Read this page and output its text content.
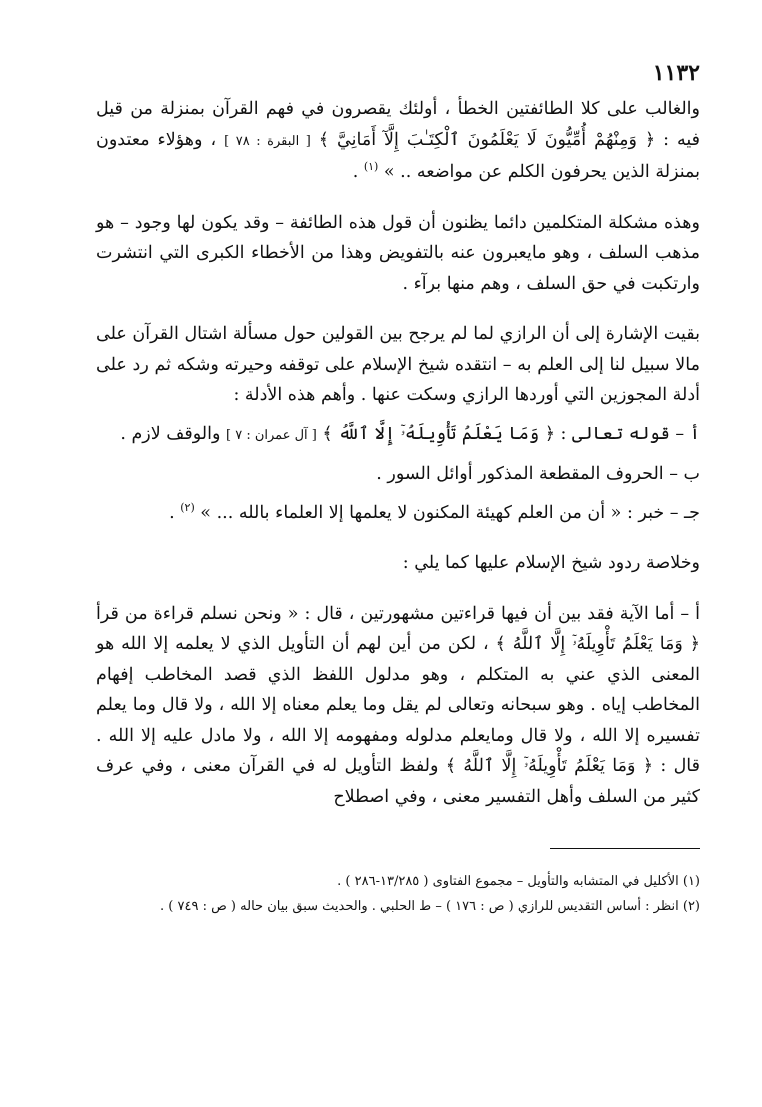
١١٣٢

والغالب على كلا الطائفتين الخطأ ، أولئك يقصرون في فهم القرآن بمنزلة من قيل فيه : ﴿ وَمِنْهُمْ أُمِّيُّونَ لَا يَعْلَمُونَ ٱلْكِتَـٰبَ إِلَّآ أَمَانِيَّ ﴾ [ البقرة : ٧٨ ] ، وهؤلاء معتدون بمنزلة الذين يحرفون الكلم عن مواضعه .. » $^{(١)}$ .

وهذه مشكلة المتكلمين دائما يظنون أن قول هذه الطائفة – وقد يكون لها وجود – هو مذهب السلف ، وهو مايعبرون عنه بالتفويض وهذا من الأخطاء الكبرى التي انتشرت وارتكبت في حق السلف ، وهم منها برآء .

بقيت الإشارة إلى أن الرازي لما لم يرجح بين القولين حول مسألة اشتال القرآن على مالا سبيل لنا إلى العلم به – انتقده شيخ الإسلام على توقفه وحيرته وشكه ثم رد على أدلة المجوزين التي أوردها الرازي وسكت عنها . وأهم هذه الأدلة :

أ – قوله تعالى : ﴿ وَمَا يَعْلَمُ تَأْوِيلَهُۥٓ إِلَّا ٱللَّهُ ﴾ [ آل عمران : ٧ ] والوقف لازم .

ب – الحروف المقطعة المذكور أوائل السور .

جـ – خبر : « أن من العلم كهيئة المكنون لا يعلمها إلا العلماء بالله ... » $^{(٢)}$ .

وخلاصة ردود شيخ الإسلام عليها كما يلي :

أ – أما الآية فقد بين أن فيها قراءتين مشهورتين ، قال : « ونحن نسلم قراءة من قرأ ﴿ وَمَا يَعْلَمُ تَأْوِيلَهُۥٓ إِلَّا ٱللَّهُ ﴾ ، لكن من أين لهم أن التأويل الذي لا يعلمه إلا الله هو المعنى الذي عني به المتكلم ، وهو مدلول اللفظ الذي قصد المخاطب إفهام المخاطب إياه . وهو سبحانه وتعالى لم يقل وما يعلم معناه إلا الله ، ولا قال وما يعلم تفسيره إلا الله ، ولا قال ومايعلم مدلوله ومفهومه إلا الله ، ولا مادل عليه إلا الله . قال : ﴿ وَمَا يَعْلَمُ تَأْوِيلَهُۥٓ إِلَّا ٱللَّهُ ﴾ ولفظ التأويل له في القرآن معنى ، وفي عرف كثير من السلف وأهل التفسير معنى ، وفي اصطلاح

(١) الأكليل في المتشابه والتأويل – مجموع الفتاوى ( ١٣/٢٨٥-٢٨٦ ) .

(٢) انظر : أساس التقديس للرازي ( ص : ١٧٦ ) – ط الحلبي . والحديث سبق بيان حاله ( ص : ٧٤٩ ) .
